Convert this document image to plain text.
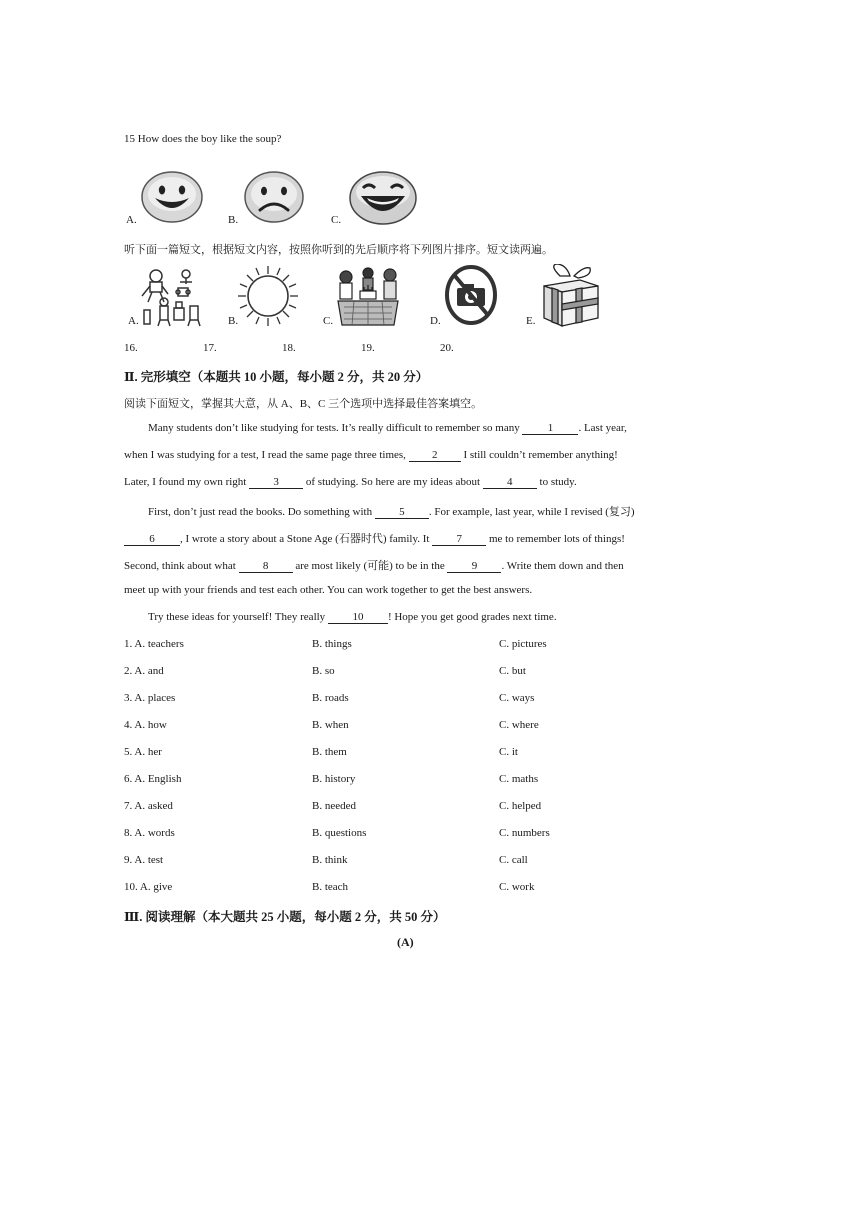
15 How does the boy like the soup?
A.	B.	C.
听下面一篇短文，根据短文内容，按照你听到的先后顺序将下列图片排序。短文读两遍。
A.	B.	C.	D.	E.
16.	17.	18.	19.	20.
Ⅱ. 完形填空（本题共 10 小题，每小题 2 分，共 20 分）
阅读下面短文，掌握其大意，从 A、B、C 三个选项中选择最佳答案填空。
Many students don’t like studying for tests. It’s really difficult to remember so many 1 . Last year,
when I was studying for a test, I read the same page three times, 2 I still couldn’t remember anything!
Later, I found my own right 3 of studying. So here are my ideas about 4 to study.
First, don’t just read the books. Do something with 5 . For example, last year, while I revised (复习)
6 , I wrote a story about a Stone Age (石器时代) family. It 7 me to remember lots of things!
Second, think about what 8 are most likely (可能) to be in the 9 . Write them down and then
meet up with your friends and test each other. You can work together to get the best answers.
Try these ideas for yourself! They really 10 ! Hope you get good grades next time.
1. A. teachers	B. things	C. pictures
2. A. and	B. so	C. but
3. A. places	B. roads	C. ways
4. A. how	B. when	C. where
5. A. her	B. them	C. it
6. A. English	B. history	C. maths
7. A. asked	B. needed	C. helped
8. A. words	B. questions	C. numbers
9. A. test	B. think	C. call
10. A. give	B. teach	C. work
Ⅲ. 阅读理解（本大题共 25 小题，每小题 2 分，共 50 分）
(A)
